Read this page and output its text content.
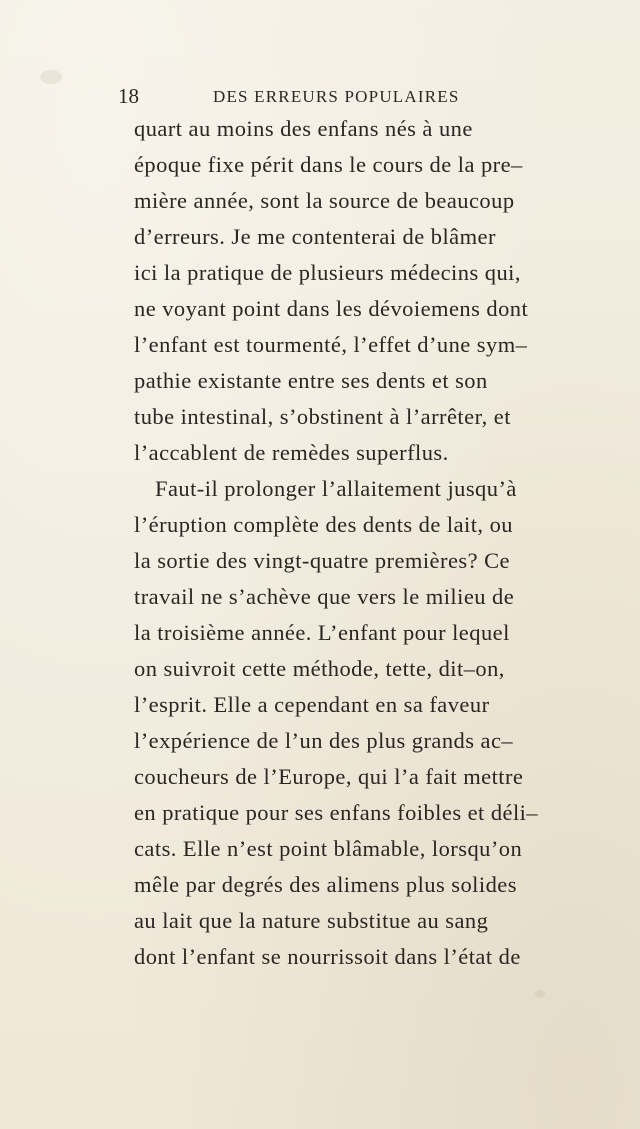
18	DES ERREURS POPULAIRES
quart au moins des enfans nés à une
époque fixe périt dans le cours de la pre–
mière année, sont la source de beaucoup
d’erreurs. Je me contenterai de blâmer
ici la pratique de plusieurs médecins qui,
ne voyant point dans les dévoiemens dont
l’enfant est tourmenté, l’effet d’une sym–
pathie existante entre ses dents et son
tube intestinal, s’obstinent à l’arrêter, et
l’accablent de remèdes superflus.
Faut-il prolonger l’allaitement jusqu’à
l’éruption complète des dents de lait, ou
la sortie des vingt-quatre premières? Ce
travail ne s’achève que vers le milieu de
la troisième année. L’enfant pour lequel
on suivroit cette méthode, tette, dit–on,
l’esprit. Elle a cependant en sa faveur
l’expérience de l’un des plus grands ac–
coucheurs de l’Europe, qui l’a fait mettre
en pratique pour ses enfans foibles et déli–
cats. Elle n’est point blâmable, lorsqu’on
mêle par degrés des alimens plus solides
au lait que la nature substitue au sang
dont l’enfant se nourrissoit dans l’état de
